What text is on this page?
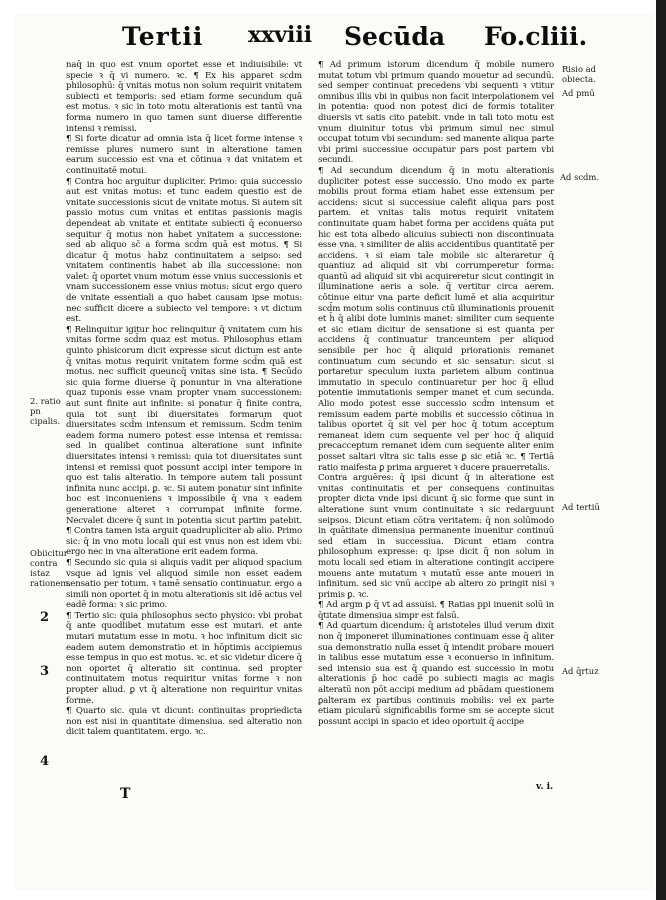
Tertii xxviii Secūda Fo.cliii.

naq̄ in quo est vnum oportet esse et indiuisibile: vt specie ꝛ q̄ vi numero. ꝛc. ¶ Ex his apparet scdm philosophū: q̄ vnitas motus non solum requirit vnitatem subiecti et temporis: sed etiam forme secundum quā est motus. ꝛ sic in toto motu alterationis est tantū vna forma numero in quo tamen sunt diuerse differentie intensi ꝛ remissi.

¶ Si forte dicatur ad omnia ista q̄ licet forme intense ꝛ remisse plures numero sunt in alteratione tamen earum successio est vna et cōtinua ꝛ dat vnitatem et continuitatē motui.

¶ Contra hoc arguitur dupliciter. Primo: quia successio aut est vnitas motus: et tunc eadem questio est de vnitate successionis sicut de vnitate motus. Si autem sit passio motus cum vnitas et entitas passionis magis dependeat ab vnitate et entitate subiecti q̄ econuerso sequitur q̄ motus non habet vnitatem a successione: sed ab aliquo sc̄ a forma scd̄m quā est motus. ¶ Si dicatur q̄ motus habz continuitatem a seipso: sed vnitatem continentis habet ab illa successione: non valet: q̄ oportet vnum motum esse vnius successionis et vnam successionem esse vnius motus: sicut ergo quero de vnitate essentiali a quo habet causam ipse motus: nec sufficit dicere a subiecto vel tempore: ꝛ vt dictum est.

¶ Relinquitur igitur hoc relinquitur q̄ vnitatem cum his vnitas forme scd̄m quaz est motus. Philosophus etiam quinto phisicorum dicit expresse sicut dictum est ante q̄ vnitas motus requirit vnitatem forme scd̄m quā est motus. nec sufficit queuncq̄ vnitas sine ista. ¶ Secūdo sic quia forme diuerse q̄ ponuntur in vna alteratione quaz tuponis esse vnam propter vnam successionem: aut sunt finite aut infinite: si ponatur q̄ finite contra, quia tot sunt ibi diuersitates formarum quot diuersitates scd̄m intensum et remissum. Scd̄m tenim eadem forma numero potest esse intensa et remissa: sed in qualibet continua alteratione sunt infinite diuersitates intensi ꝛ remissi: quia tot diuersitates sunt intensi et remissi quot possunt accipi inter tempore in quo est talis alteratio. In tempore autem tali possunt infinita nunc accipi. ꝑ. ꝛc. Si autem ponatur sint infinite hoc est inconueniens ꝛ impossibile q̄ vna ꝛ eadem generatione alteret ꝛ corrumpat infinite forme. Necvalet dicere q̄ sunt in potentia sicut partim patebit. ¶ Contra tamen ista arguit quadrupliciter ab alio. Primo sic: q̄ in vno motu locali qui est vnus non est idem vbi: ergo nec in vna alteratione erit eadem forma.

¶ Secundo sic quia si aliquis vadit per aliquod spacium vsque ad ignis vel aliquod simile non esset eadem sensatio per totum. ꝛ tamē sensatio continuatur. ergo a simili non oportet q̄ in motu alterationis sit idē actus vel eadē forma: ꝛ sic primo.

¶ Tertio sic: quia philosophus secto physico: vbi probat q̄ ante quodlibet mutatum esse est mutari. et ante mutari mutatum esse in motu. ꝛ hoc infinitum dicit sic eadem autem demonstratio et in hōptimis accipiemus esse tempus in quo est motus. ꝛc. et sic videtur dicere q̄ non oportet q̄ alteratio sit continua. sed propter continuitatem motus requiritur vnitas forme ꝛ non propter aliud. ꝑ vt q̄ alteratione non requiritur vnitas forme.

¶ Quarto sic. quia vt dicunt: continuitas propriedicta non est nisi in quantitate dimensiua. sed alteratio non dicit talem quantitatem. ergo. ꝛc.

¶ Ad primum istorum dicendum q̄ mobile numero mutat totum vbi primum quando mouetur ad secundū. sed semper continuat precedens vbi sequenti ꝛ vtitur omnibus illis vbi in quibus non facit interpolationem vel in potentia: quod non potest dici de formis totaliter diuersis vt satis cito patebit. vnde in tali toto motu est vnum diuinitur totus vbi primum simul nec simul occupat totum vbi secundum: sed manente aliqua parte vbi primi successiue occupatur pars post partem vbi secundi.

¶ Ad secundum dicendum q̄ in motu alterationis dupliciter potest esse successio. Uno modo ex parte mobilis prout forma etiam habet esse extensum per accidens: sicut si successiue calefit aliqua pars post partem. et vnitas talis motus requirit vnitatem continuitate quam habet forma per accidens quāta put hic est tota albedo alicuius subiecti non discontinuata esse vna. ꝛ similiter de aliis accidentibus quantitatē per accidens. ꝛ si eiam tale mobile sic alteraretur q̄ quantiuz ad aliquid sit vbi corrumperetur forma: quantū ad aliquid sit vbi acquireretur sicut contingit in illuminatione aeris a sole. q̄ vertitur circa aerem. cōtinue eitur vna parte deficit lumē et alia acquiritur scd̄m motum solis continuus ctū illuminationis prouenit et h̄ q̄ alibi dote luminis manet: similiter cum sequente et sic etiam dicitur de sensatione si est quanta per accidens q̄ continuatur tranceuntem per aliquod sensibile per hoc q̄ aliquid priorationis remanet continuatum cum secundo et sic sensatur: sicut si portaretur speculum iuxta parietem album continua immutatio in speculo continuaretur per hoc q̄ ellud potentie immutationis semper manet et cum secunda. Alio modo potest esse successio scd̄m intensum et remissum eadem parte mobilis et successio cōtinua in talibus oportet q̄ sit vel per hoc q̄ totum acceptum remaneat idem cum sequente vel per hoc q̄ aliquid precacceptum remanet idem cum sequente aliter enim posset saltari vltra sic talis esse ꝑ sic etiā ꝛc. ¶ Tertiā ratio maifesta ꝑ prima argueret ꝛ ducere prauerretalis.

Contra arguēres: q̄ ipsi dicunt q̄ in alteratione est vnitas continuitatis et per consequens continuitas propter dicta vnde ipsi dicunt q̄ sic forme que sunt in alteratione sunt vnum continuitate ꝛ sic redarguunt seipsos. Dicunt etiam cōtra veritatem: q̄ non solūmodo in quātitate dimensiua permanente inuenitur continuū sed etiam in successiua. Dicunt etiam contra philosophum expresse: q: ipse dicit q̄ non solum in motu locali sed etiam in alteratione contingit accipere mouens ante mutatum ꝛ mutatū esse ante moueri in infinitum. sed sic vnū accipe ab altero zo pringit nisi ꝛ primis ꝑ. ꝛc.

¶ Ad argm ꝑ q̄ vt ad assuisi. ¶ Ratias ppi inuenit solū in q̄titate dimensiua simpr est falsū.

¶ Ad quartum dicendum: q̄ aristoteles illud verum dixit non q̄ imponeret illuminationes continuam esse q̄ aliter sua demonstratio nulla esset q̄ intendit probare moueri in talibus esse mutatum esse ꝛ econuerso in infinitum. sed intensio sua est q̄ quando est successio in motu alterationis p̄ hoc cadē po subiecti magis ac magis alteratū non pōt accipi medium ad pbādam questionem ꝑalteram ex partibus continuis mobilis: vel ex parte etiam picularū significabilis forme sm se accepte sicut possunt accipi in spacio et ideo oportuit q̄ accipe

Risio ad obiecta.
Ad pmū
Ad scdm.
Ad tertiū
Ad q̄rtuz
2. ratio pn cipalis.
Obiicitur contra istaz rationem.
2
3
4
T	v. i.
